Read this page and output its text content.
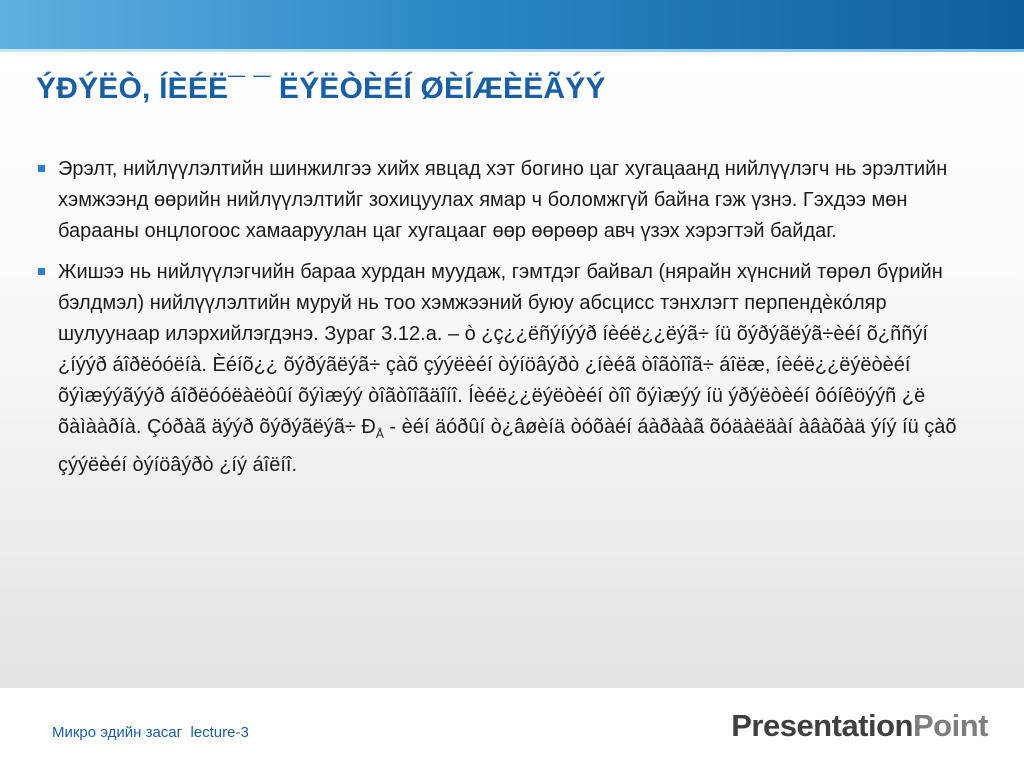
ÝÐÝËÒ, ÍÈÉË¯ ¯ ËÝËÒÈÉÍ ØÈÍÆÈËÃÝÝ
Эрэлт, нийлүүлэлтийн шинжилгээ хийх явцад хэт богино цаг хугацаанд нийлүүлэгч нь эрэлтийн хэмжээнд өөрийн нийлүүлэлтийг зохицуулах ямар ч боломжгүй байна гэж үзнэ. Гэхдээ мөн барааны онцлогоос хамааруулан цаг хугацааг өөр өөрөөр авч үзэх хэрэгтэй байдаг.
Жишээ нь нийлүүлэгчийн бараа хурдан муудаж, гэмтдэг байвал (нярайн хүнсний төрөл бүрийн бэлдмэл) нийлүүлэлтийн муруй нь тоо хэмжээний буюу абсцисс тэнхлэгт перпендèкóляр шулуунаар илэрхийлэгдэнэ. Зураг 3.12.а. – ò ¿ç¿¿ëñýíýýð íèéë¿¿ëýã÷ íü õýðýãëýã÷èéí õ¿ññýí ¿íýýð áîðëóóëíà. Èéíõ¿¿ õýðýãëýã÷ çàõ çýýëèéí òýíöâýðò ¿íèéã òîãòîîã÷ áîëæ, íèéë¿¿ëýëòèéí õýìæýýãýýð áîðëóóëàëòûí õýìæýý òîãòîîãäîíî. Íèéë¿¿ëýëòèéí òîî õýìæýý íü ýðýëòèéí ôóíêöýýñ ¿ë õàìààðíà. Çóðàã äýýð õýðýãëýã÷ $Ð_Å$ - èéí äóðûí ò¿âøèíä òóõàéí áàðààã õóäàëäàí àâàõàä ýíý íü çàõ çýýëèéí òýíöâýðò ¿íý áîëíî.
Микро эдийн засаг  lecture-3	PresentationPoint
